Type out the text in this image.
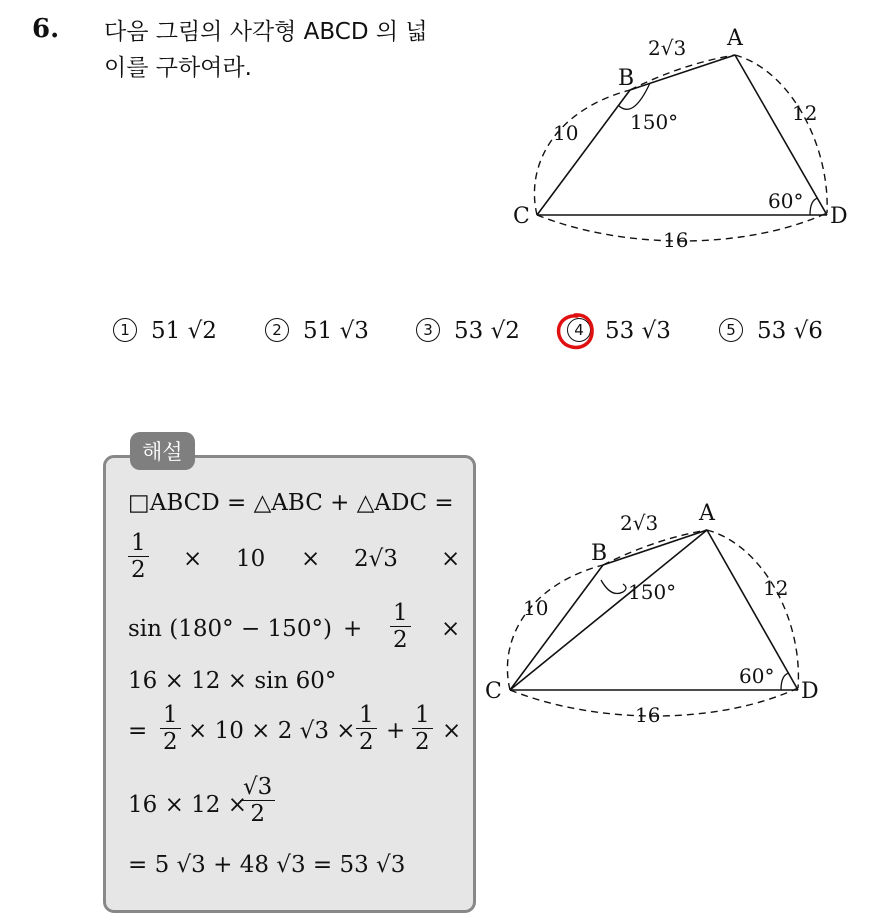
6. 다음 그림의 사각형 ABCD 의 넓
이를 구하여라.
A
B
C	D
2√3
10
12
16
150°
60°
1 51 √2	2 51 √3	3 53 √2	4 53 √3	5 53 √6
□ABCD = △ABC + △ADC =
$\frac{1}{2} \times 10 \times 2√3$ ×
$\sin (180^\circ - 150^\circ) + \frac{1}{2}$ ×
16 × 12 × sin 60°
= $\frac{1}{2} \times 10 \times 2$ $√3 \times \frac{1}{2} + \frac{1}{2}$ ×
16 × 12 ×
$\frac{√3}{2}$
= 5 √3 + 48 √3 = 53 √3
해설
A
B
C	D
2√3
10
12
16
150°
60°
